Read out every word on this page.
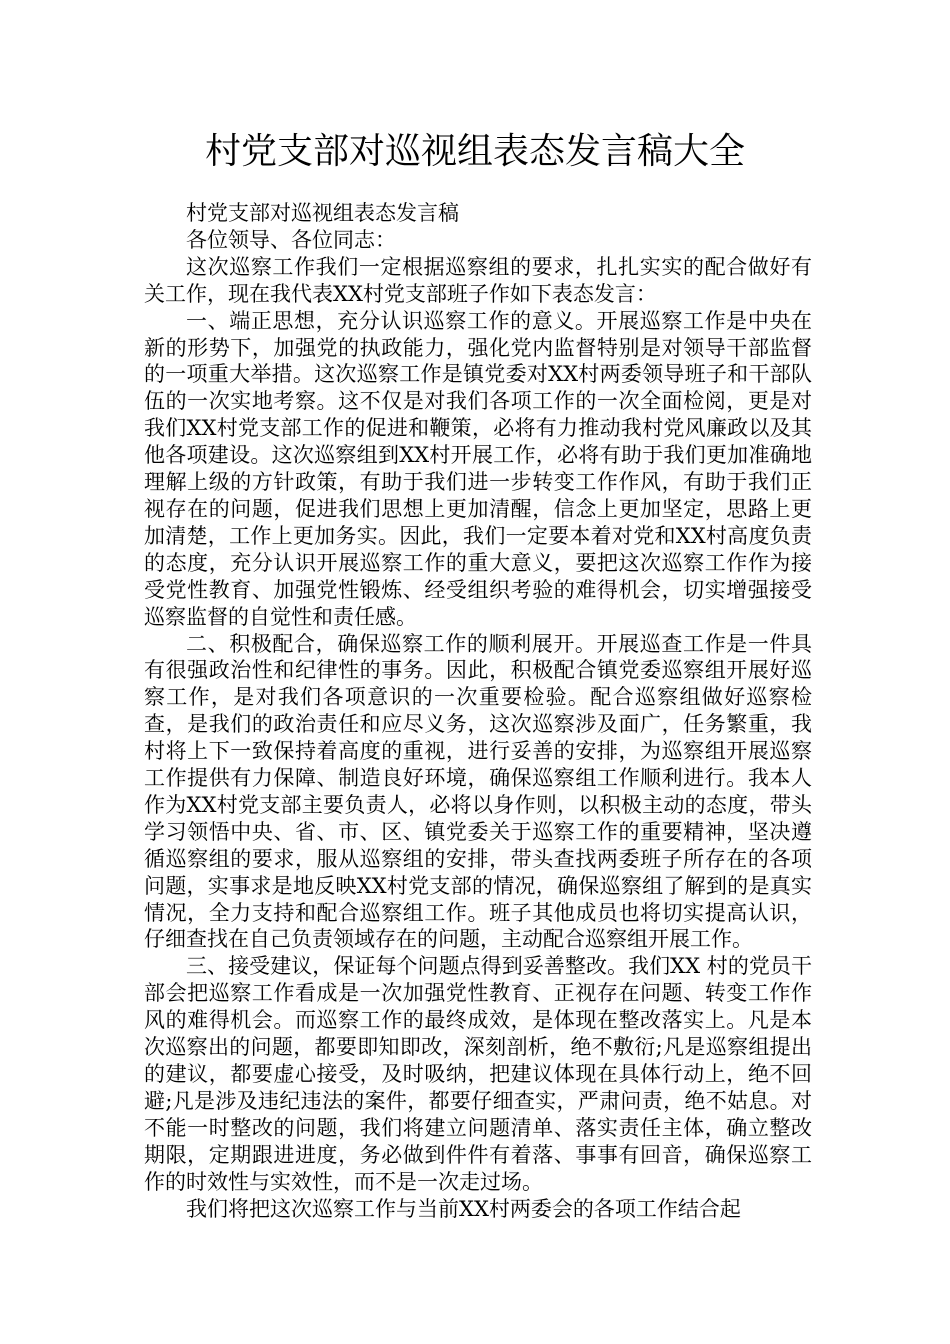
村党支部对巡视组表态发言稿大全

村党支部对巡视组表态发言稿

各位领导、各位同志：

这次巡察工作我们一定根据巡察组的要求，扎扎实实的配合做好有关工作，现在我代表XX村党支部班子作如下表态发言：

一、端正思想，充分认识巡察工作的意义。开展巡察工作是中央在新的形势下，加强党的执政能力，强化党内监督特别是对领导干部监督的一项重大举措。这次巡察工作是镇党委对XX村两委领导班子和干部队伍的一次实地考察。这不仅是对我们各项工作的一次全面检阅，更是对我们XX村党支部工作的促进和鞭策，必将有力推动我村党风廉政以及其他各项建设。这次巡察组到XX村开展工作，必将有助于我们更加准确地理解上级的方针政策，有助于我们进一步转变工作作风，有助于我们正视存在的问题，促进我们思想上更加清醒，信念上更加坚定，思路上更加清楚，工作上更加务实。因此，我们一定要本着对党和XX村高度负责的态度，充分认识开展巡察工作的重大意义，要把这次巡察工作作为接受党性教育、加强党性锻炼、经受组织考验的难得机会，切实增强接受巡察监督的自觉性和责任感。

二、积极配合，确保巡察工作的顺利展开。开展巡查工作是一件具有很强政治性和纪律性的事务。因此，积极配合镇党委巡察组开展好巡察工作，是对我们各项意识的一次重要检验。配合巡察组做好巡察检查，是我们的政治责任和应尽义务，这次巡察涉及面广，任务繁重，我村将上下一致保持着高度的重视，进行妥善的安排，为巡察组开展巡察工作提供有力保障、制造良好环境，确保巡察组工作顺利进行。我本人作为XX村党支部主要负责人，必将以身作则，以积极主动的态度，带头学习领悟中央、省、市、区、镇党委关于巡察工作的重要精神，坚决遵循巡察组的要求，服从巡察组的安排，带头查找两委班子所存在的各项问题，实事求是地反映XX村党支部的情况，确保巡察组了解到的是真实情况，全力支持和配合巡察组工作。班子其他成员也将切实提高认识，仔细查找在自己负责领域存在的问题，主动配合巡察组开展工作。

三、接受建议，保证每个问题点得到妥善整改。我们XX 村的党员干部会把巡察工作看成是一次加强党性教育、正视存在问题、转变工作作风的难得机会。而巡察工作的最终成效，是体现在整改落实上。凡是本次巡察出的问题，都要即知即改，深刻剖析，绝不敷衍;凡是巡察组提出的建议，都要虚心接受，及时吸纳，把建议体现在具体行动上，绝不回避;凡是涉及违纪违法的案件，都要仔细查实，严肃问责，绝不姑息。对不能一时整改的问题，我们将建立问题清单、落实责任主体，确立整改期限，定期跟进进度，务必做到件件有着落、事事有回音，确保巡察工作的时效性与实效性，而不是一次走过场。

我们将把这次巡察工作与当前XX村两委会的各项工作结合起
